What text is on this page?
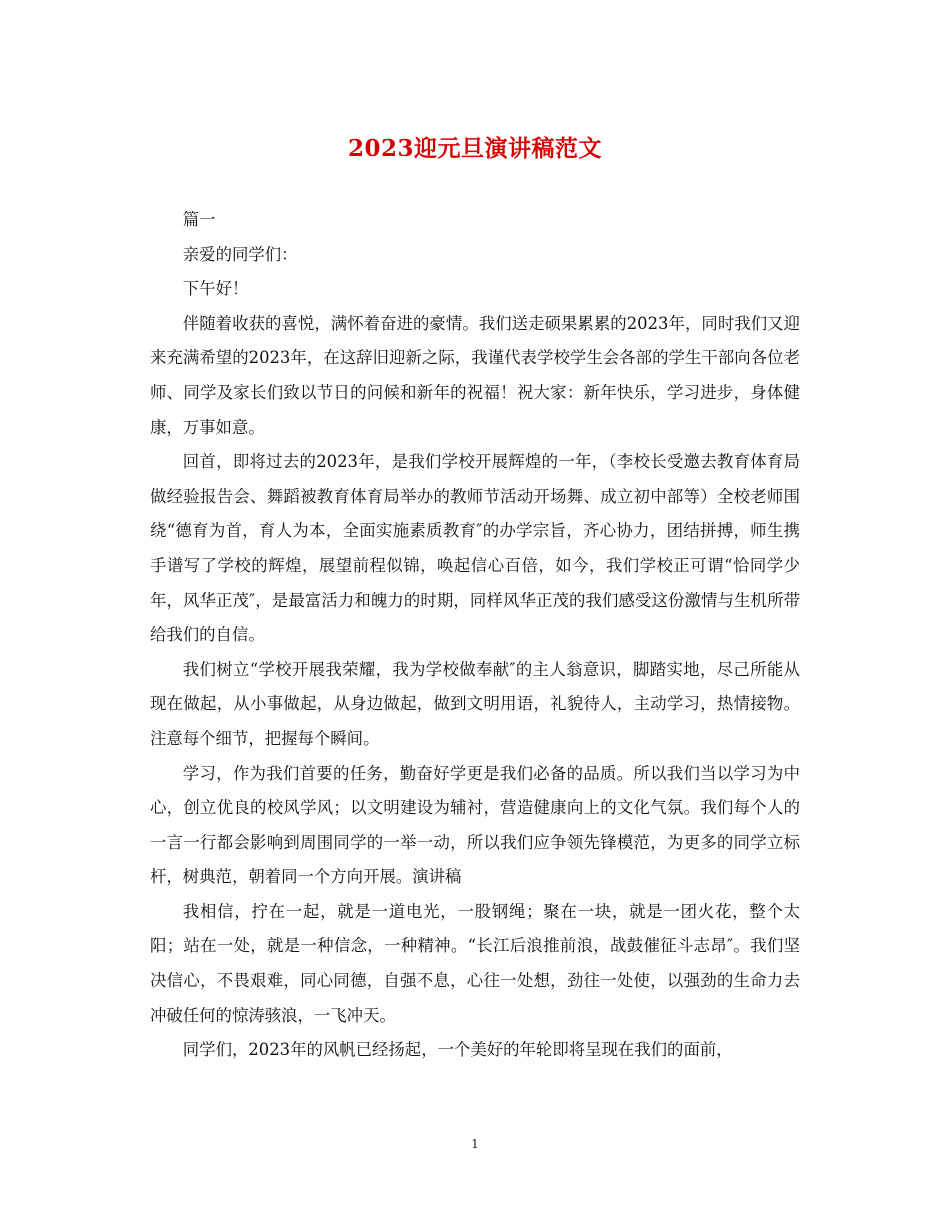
2023迎元旦演讲稿范文

篇一

亲爱的同学们：

下午好！

伴随着收获的喜悦，满怀着奋进的豪情。我们送走硕果累累的2023年，同时我们又迎来充满希望的2023年，在这辞旧迎新之际，我谨代表学校学生会各部的学生干部向各位老师、同学及家长们致以节日的问候和新年的祝福！祝大家：新年快乐，学习进步，身体健康，万事如意。

回首，即将过去的2023年，是我们学校开展辉煌的一年，（李校长受邀去教育体育局做经验报告会、舞蹈被教育体育局举办的教师节活动开场舞、成立初中部等）全校老师围绕“德育为首，育人为本，全面实施素质教育″的办学宗旨，齐心协力，团结拼搏，师生携手谱写了学校的辉煌，展望前程似锦，唤起信心百倍，如今，我们学校正可谓“恰同学少年，风华正茂″，是最富活力和魄力的时期，同样风华正茂的我们感受这份激情与生机所带给我们的自信。

我们树立“学校开展我荣耀，我为学校做奉献″的主人翁意识，脚踏实地，尽己所能从现在做起，从小事做起，从身边做起，做到文明用语，礼貌待人，主动学习，热情接物。注意每个细节，把握每个瞬间。

学习，作为我们首要的任务，勤奋好学更是我们必备的品质。所以我们当以学习为中心，创立优良的校风学风；以文明建设为辅衬，营造健康向上的文化气氛。我们每个人的一言一行都会影响到周围同学的一举一动，所以我们应争领先锋模范，为更多的同学立标杆，树典范，朝着同一个方向开展。演讲稿

我相信，拧在一起，就是一道电光，一股钢绳；聚在一块，就是一团火花，整个太阳；站在一处，就是一种信念，一种精神。“长江后浪推前浪，战鼓催征斗志昂″。我们坚决信心，不畏艰难，同心同德，自强不息，心往一处想，劲往一处使，以强劲的生命力去冲破任何的惊涛骇浪，一飞冲天。

同学们，2023年的风帆已经扬起，一个美好的年轮即将呈现在我们的面前，

1
